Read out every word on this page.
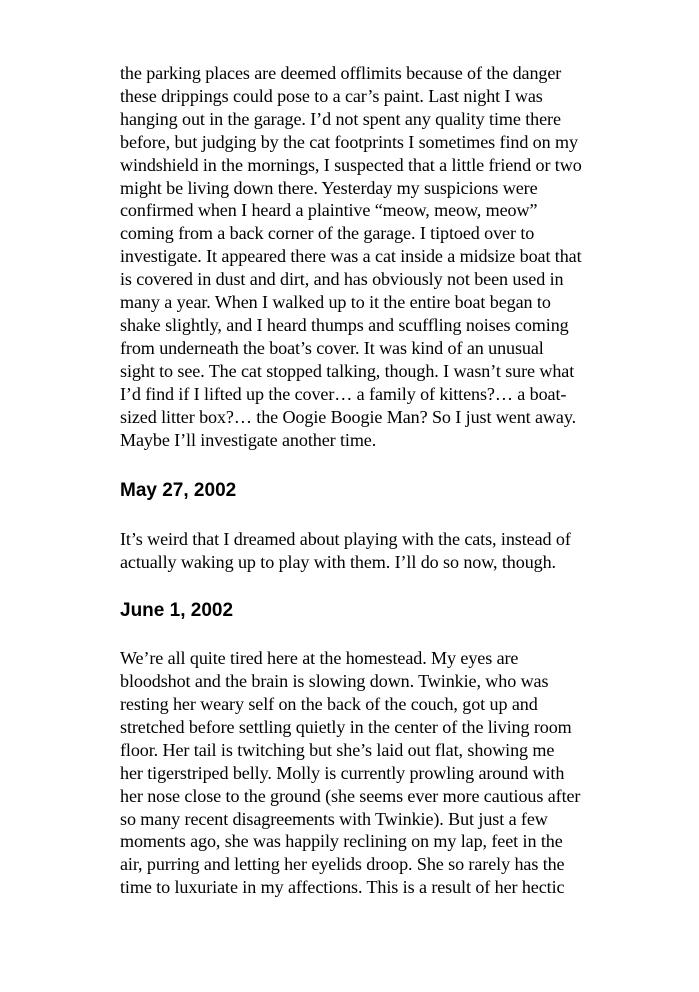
the parking places are deemed offlimits because of the danger
these drippings could pose to a car’s paint. Last night I was
hanging out in the garage. I’d not spent any quality time there
before, but judging by the cat footprints I sometimes find on my
windshield in the mornings, I suspected that a little friend or two
might be living down there. Yesterday my suspicions were
confirmed when I heard a plaintive “meow, meow, meow”
coming from a back corner of the garage. I tiptoed over to
investigate. It appeared there was a cat inside a midsize boat that
is covered in dust and dirt, and has obviously not been used in
many a year. When I walked up to it the entire boat began to
shake slightly, and I heard thumps and scuffling noises coming
from underneath the boat’s cover. It was kind of an unusual
sight to see. The cat stopped talking, though. I wasn’t sure what
I’d find if I lifted up the cover… a family of kittens?… a boat-
sized litter box?… the Oogie Boogie Man? So I just went away.
Maybe I’ll investigate another time.

May 27, 2002

It’s weird that I dreamed about playing with the cats, instead of
actually waking up to play with them. I’ll do so now, though.

June 1, 2002

We’re all quite tired here at the homestead. My eyes are
bloodshot and the brain is slowing down. Twinkie, who was
resting her weary self on the back of the couch, got up and
stretched before settling quietly in the center of the living room
floor. Her tail is twitching but she’s laid out flat, showing me
her tigerstriped belly. Molly is currently prowling around with
her nose close to the ground (she seems ever more cautious after
so many recent disagreements with Twinkie). But just a few
moments ago, she was happily reclining on my lap, feet in the
air, purring and letting her eyelids droop. She so rarely has the
time to luxuriate in my affections. This is a result of her hectic
